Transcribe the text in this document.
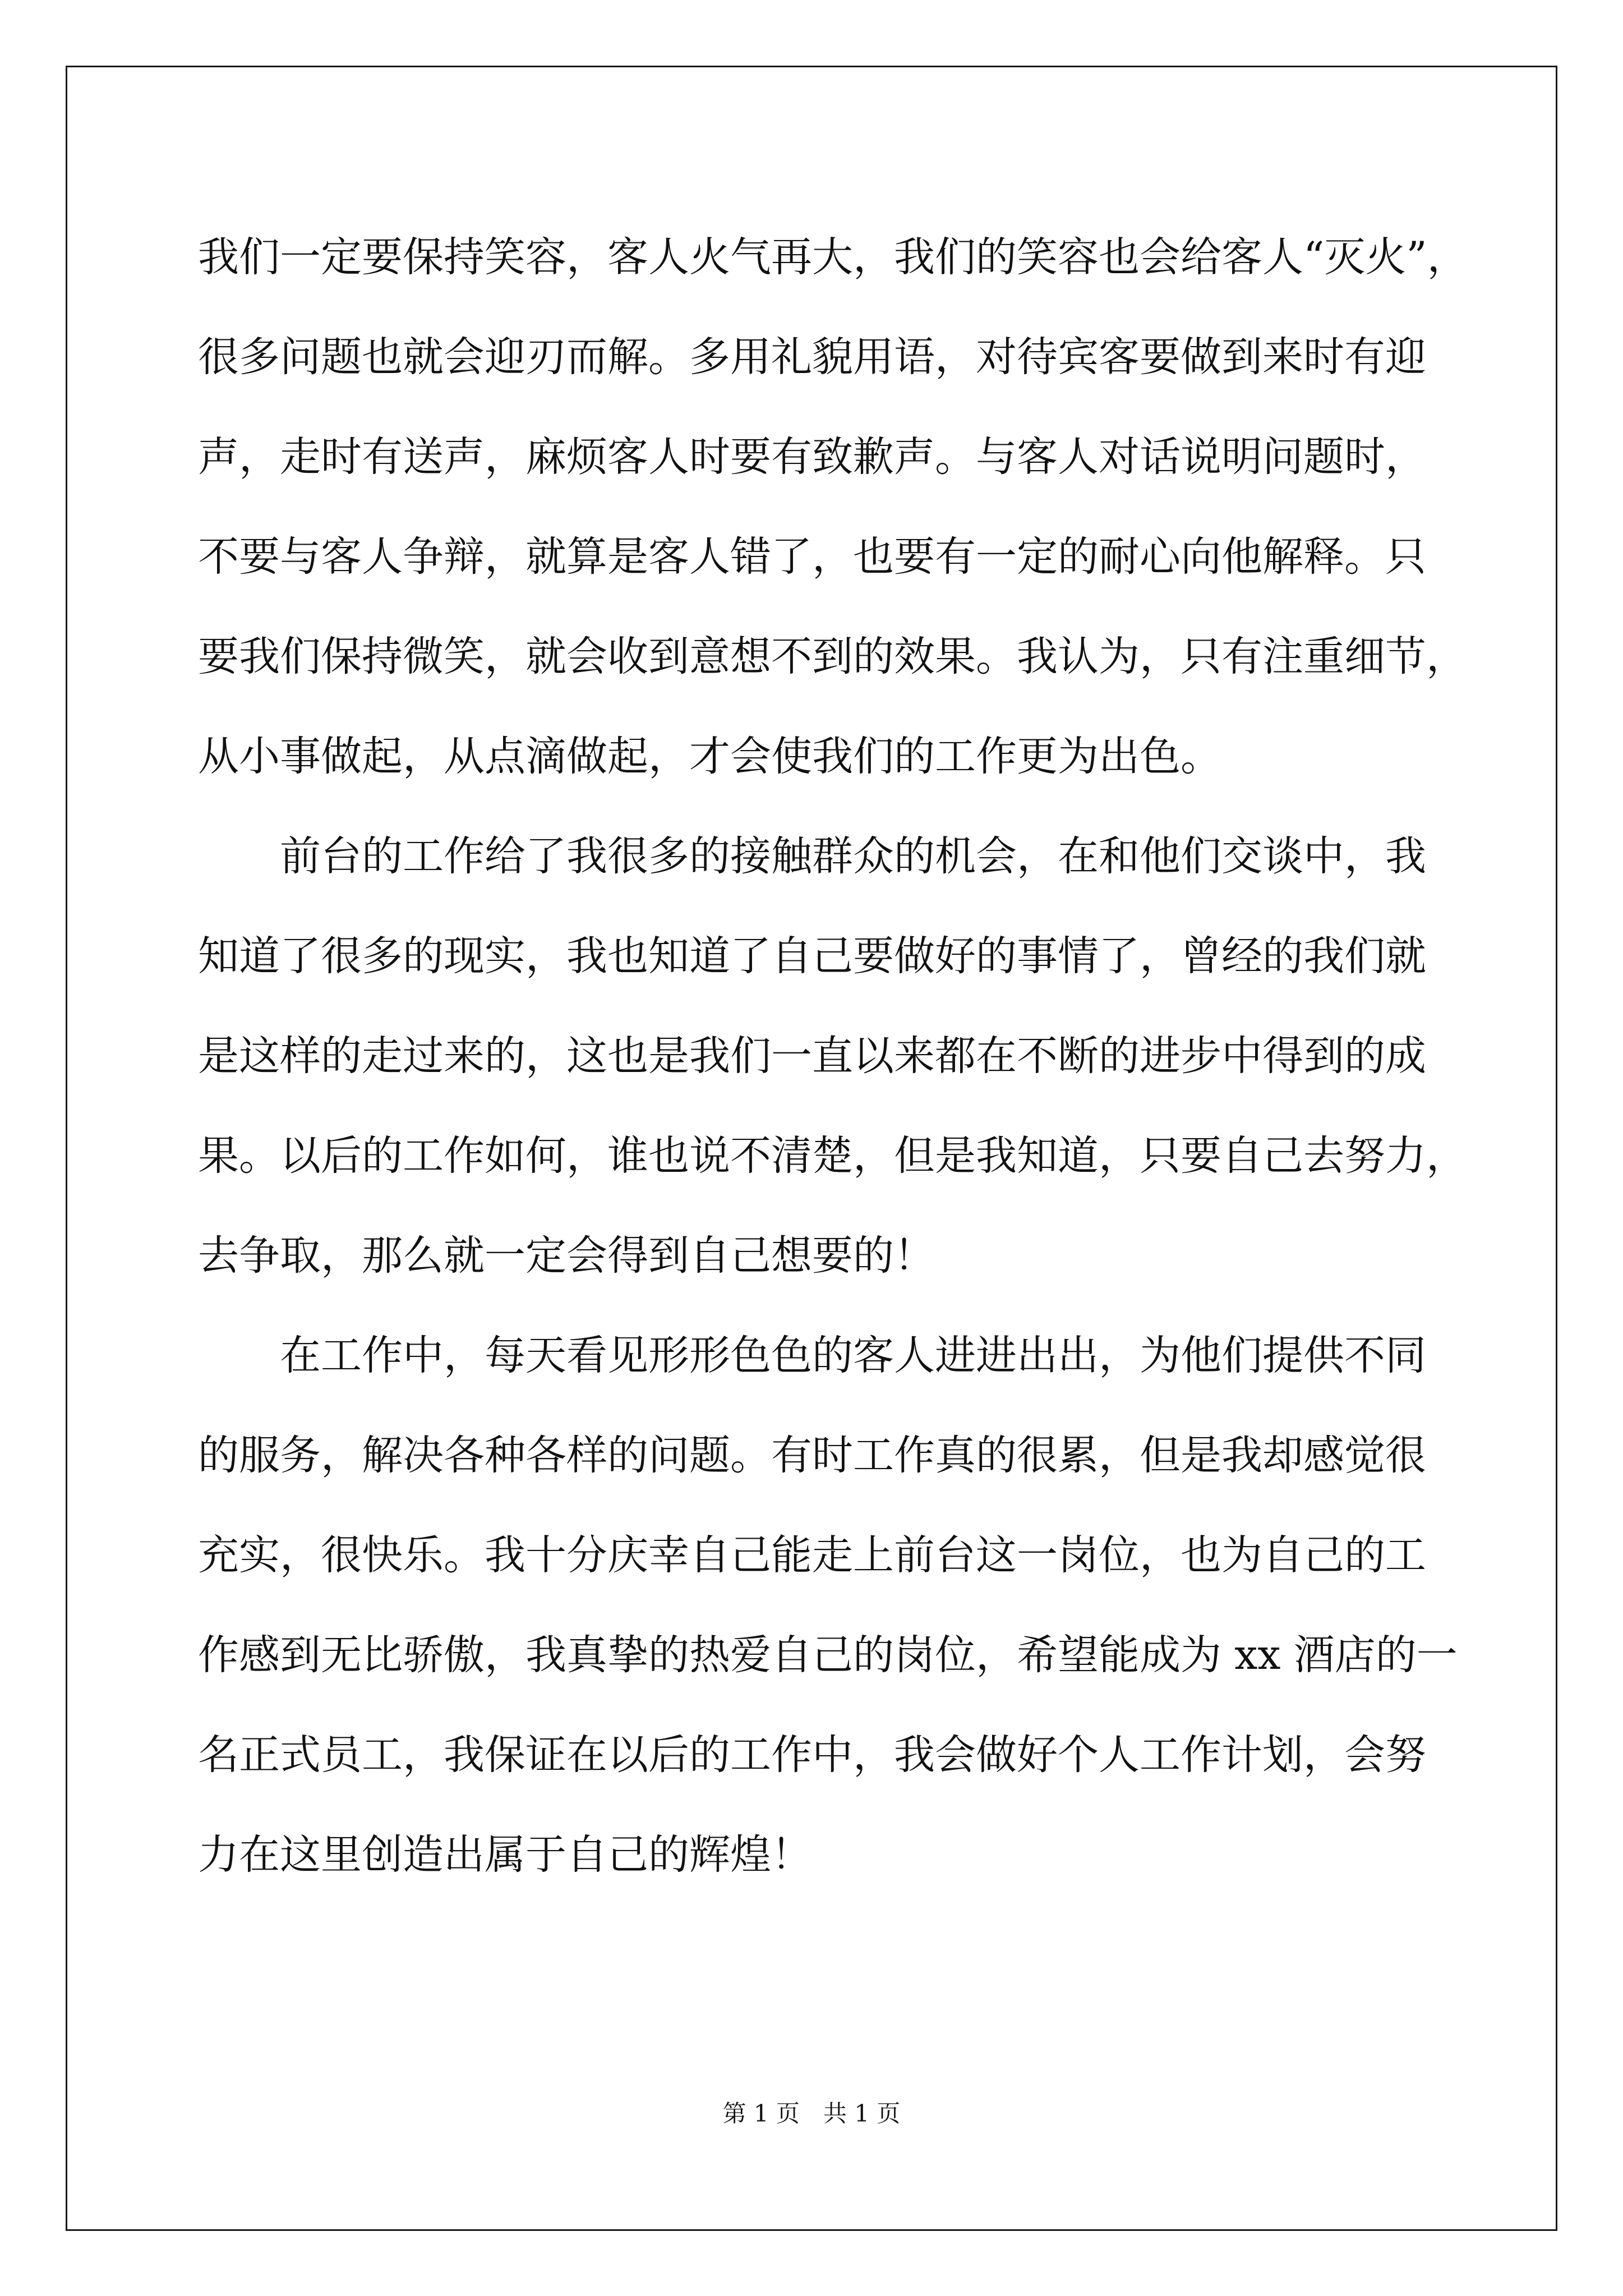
我们一定要保持笑容，客人火气再大，我们的笑容也会给客人“灭火”，
很多问题也就会迎刃而解。多用礼貌用语，对待宾客要做到来时有迎
声，走时有送声，麻烦客人时要有致歉声。与客人对话说明问题时，
不要与客人争辩，就算是客人错了，也要有一定的耐心向他解释。只
要我们保持微笑，就会收到意想不到的效果。我认为，只有注重细节，
从小事做起，从点滴做起，才会使我们的工作更为出色。
　　前台的工作给了我很多的接触群众的机会，在和他们交谈中，我
知道了很多的现实，我也知道了自己要做好的事情了，曾经的我们就
是这样的走过来的，这也是我们一直以来都在不断的进步中得到的成
果。以后的工作如何，谁也说不清楚，但是我知道，只要自己去努力，
去争取，那么就一定会得到自己想要的！
　　在工作中，每天看见形形色色的客人进进出出，为他们提供不同
的服务，解决各种各样的问题。有时工作真的很累，但是我却感觉很
充实，很快乐。我十分庆幸自己能走上前台这一岗位，也为自己的工
作感到无比骄傲，我真挚的热爱自己的岗位，希望能成为 xx 酒店的一
名正式员工，我保证在以后的工作中，我会做好个人工作计划，会努
力在这里创造出属于自己的辉煌！
第 1 页　共 1 页
